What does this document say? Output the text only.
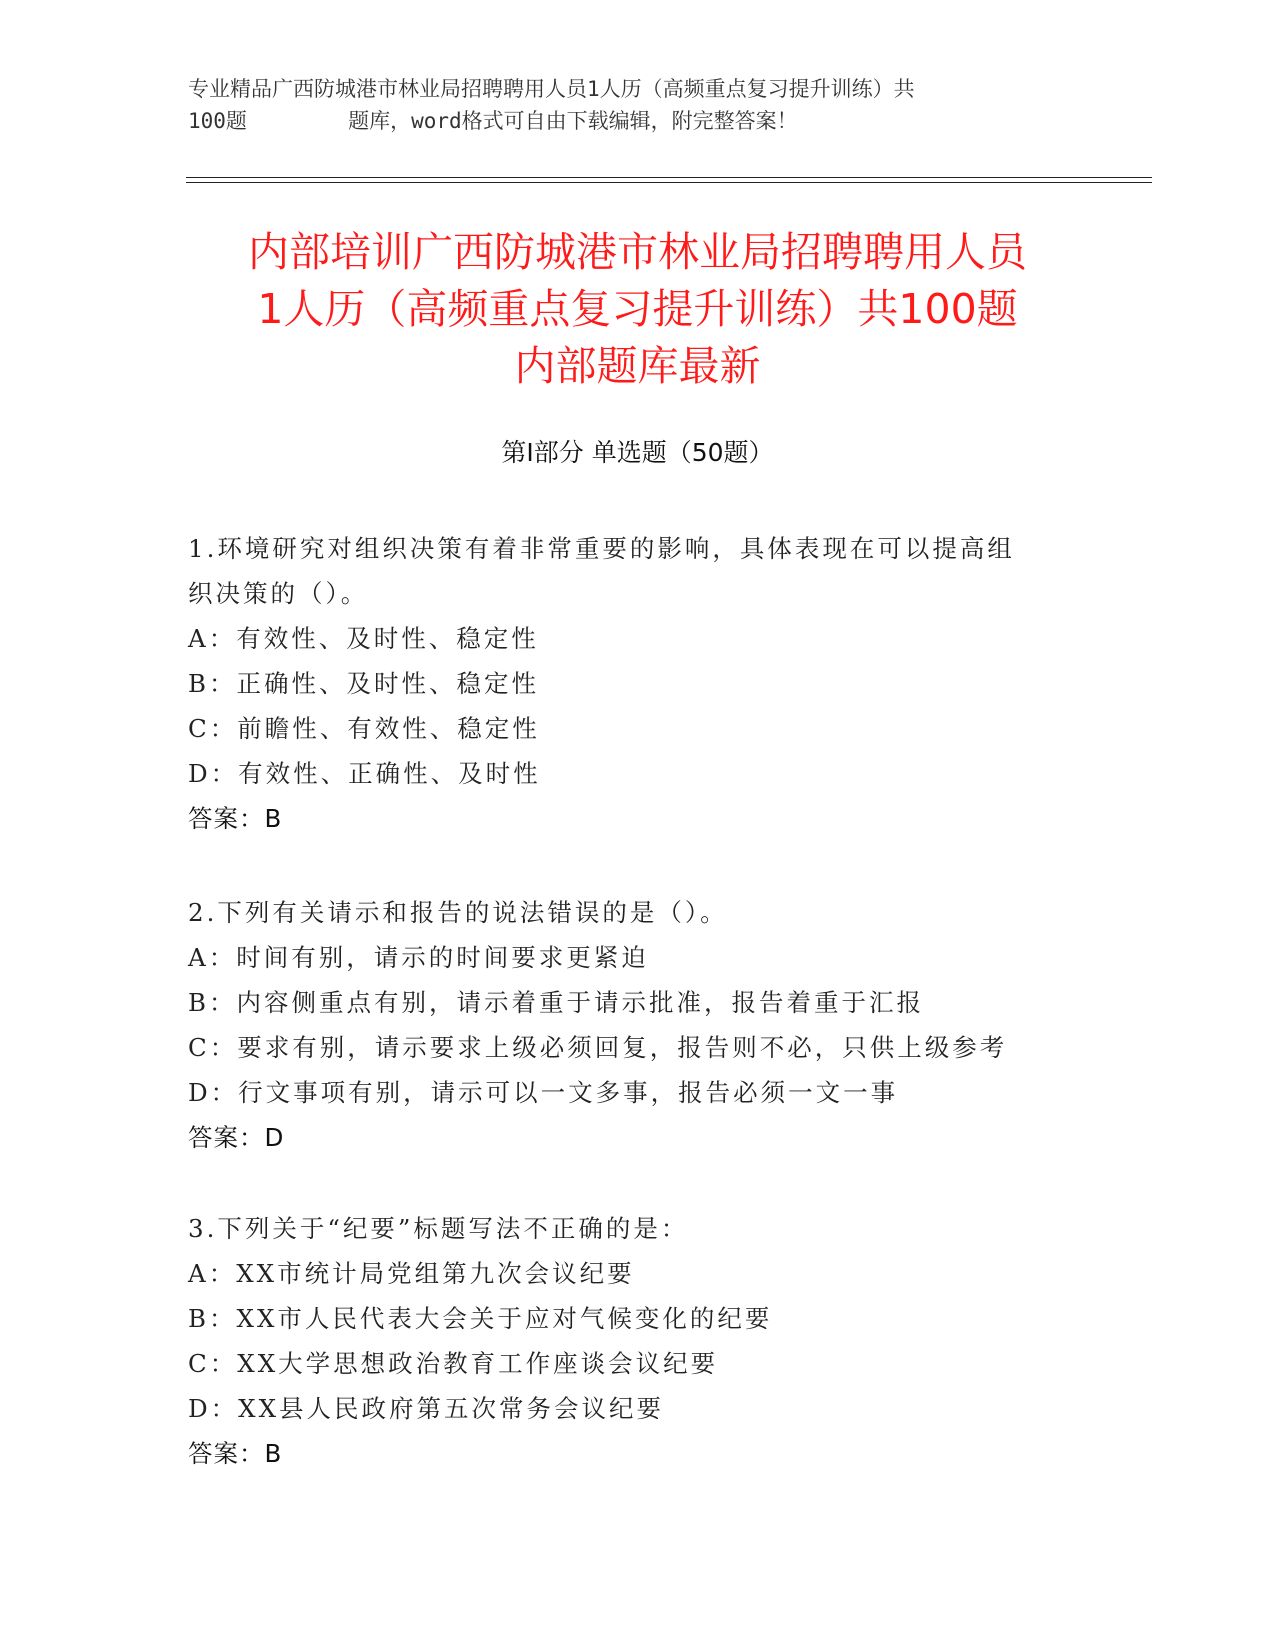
专业精品广西防城港市林业局招聘聘用人员1人历（高频重点复习提升训练）共
100题        题库，word格式可自由下载编辑，附完整答案！
内部培训广西防城港市林业局招聘聘用人员
1人历（高频重点复习提升训练）共100题
内部题库最新
第Ⅰ部分 单选题（50题）
1.环境研究对组织决策有着非常重要的影响，具体表现在可以提高组
织决策的（）。
A：有效性、及时性、稳定性
B：正确性、及时性、稳定性
C：前瞻性、有效性、稳定性
D：有效性、正确性、及时性
答案：B
2.下列有关请示和报告的说法错误的是（）。
A：时间有别，请示的时间要求更紧迫
B：内容侧重点有别，请示着重于请示批准，报告着重于汇报
C：要求有别，请示要求上级必须回复，报告则不必，只供上级参考
D：行文事项有别，请示可以一文多事，报告必须一文一事
答案：D
3.下列关于“纪要”标题写法不正确的是：
A：XX市统计局党组第九次会议纪要
B：XX市人民代表大会关于应对气候变化的纪要
C：XX大学思想政治教育工作座谈会议纪要
D：XX县人民政府第五次常务会议纪要
答案：B
